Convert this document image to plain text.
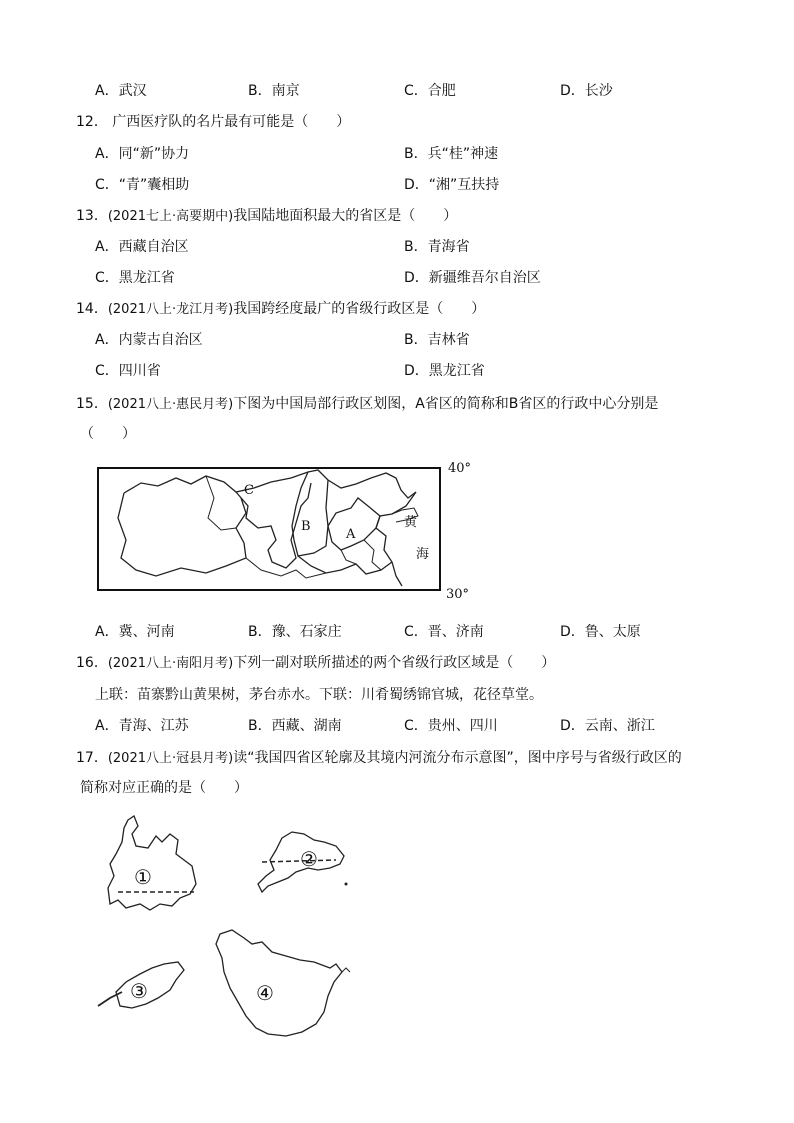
A．武汉	B．南京	C．合肥	D．长沙
12． 广西医疗队的名片最有可能是（　　）
A．同“新”协力	B．兵“桂”神速
C．“青”囊相助	D．“湘”互扶持
13．(2021七上·高要期中)我国陆地面积最大的省区是（　　）
A．西藏自治区	B．青海省
C．黑龙江省	D．新疆维吾尔自治区
14．(2021八上·龙江月考)我国跨经度最广的省级行政区是（　　）
A．内蒙古自治区	B．吉林省
C．四川省	D．黑龙江省
15．(2021八上·惠民月考)下图为中国局部行政区划图，A省区的简称和B省区的行政中心分别是
（　　）
C
B
A
黄
海
40°
30°
A．冀、河南	B．豫、石家庄	C．晋、济南	D．鲁、太原
16．(2021八上·南阳月考)下列一副对联所描述的两个省级行政区域是（　　）
上联：苗寨黔山黄果树，茅台赤水。下联：川肴蜀绣锦官城，花径草堂。
A．青海、江苏	B．西藏、湖南	C．贵州、四川	D．云南、浙江
17．(2021八上·冠县月考)读“我国四省区轮廓及其境内河流分布示意图”，图中序号与省级行政区的
简称对应正确的是（　　）
①
②
③	④
